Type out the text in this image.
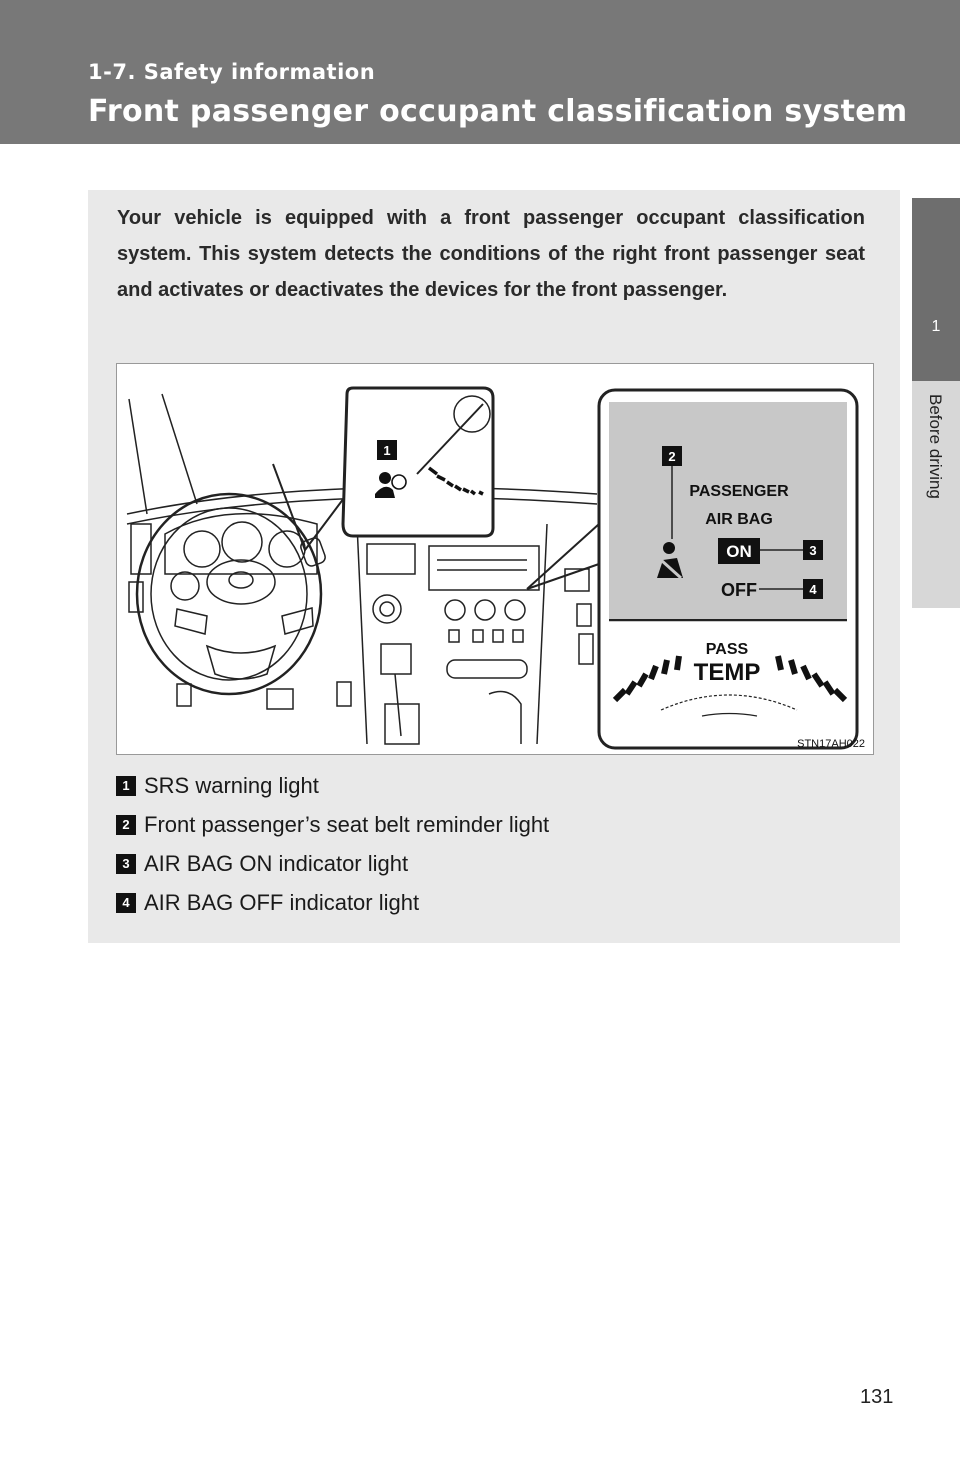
1-7. Safety information
Front passenger occupant classification system
1
Before driving

Your vehicle is equipped with a front passenger occupant classification system. This system detects the conditions of the right front passenger seat and activates or deactivates the devices for the front passenger.

1	2
PASSENGER
AIR BAG
ON
OFF
3
4
PASS
TEMP
STN17AH022
1 SRS warning light
2 Front passenger’s seat belt reminder light
3 AIR BAG ON indicator light
4 AIR BAG OFF indicator light
131
